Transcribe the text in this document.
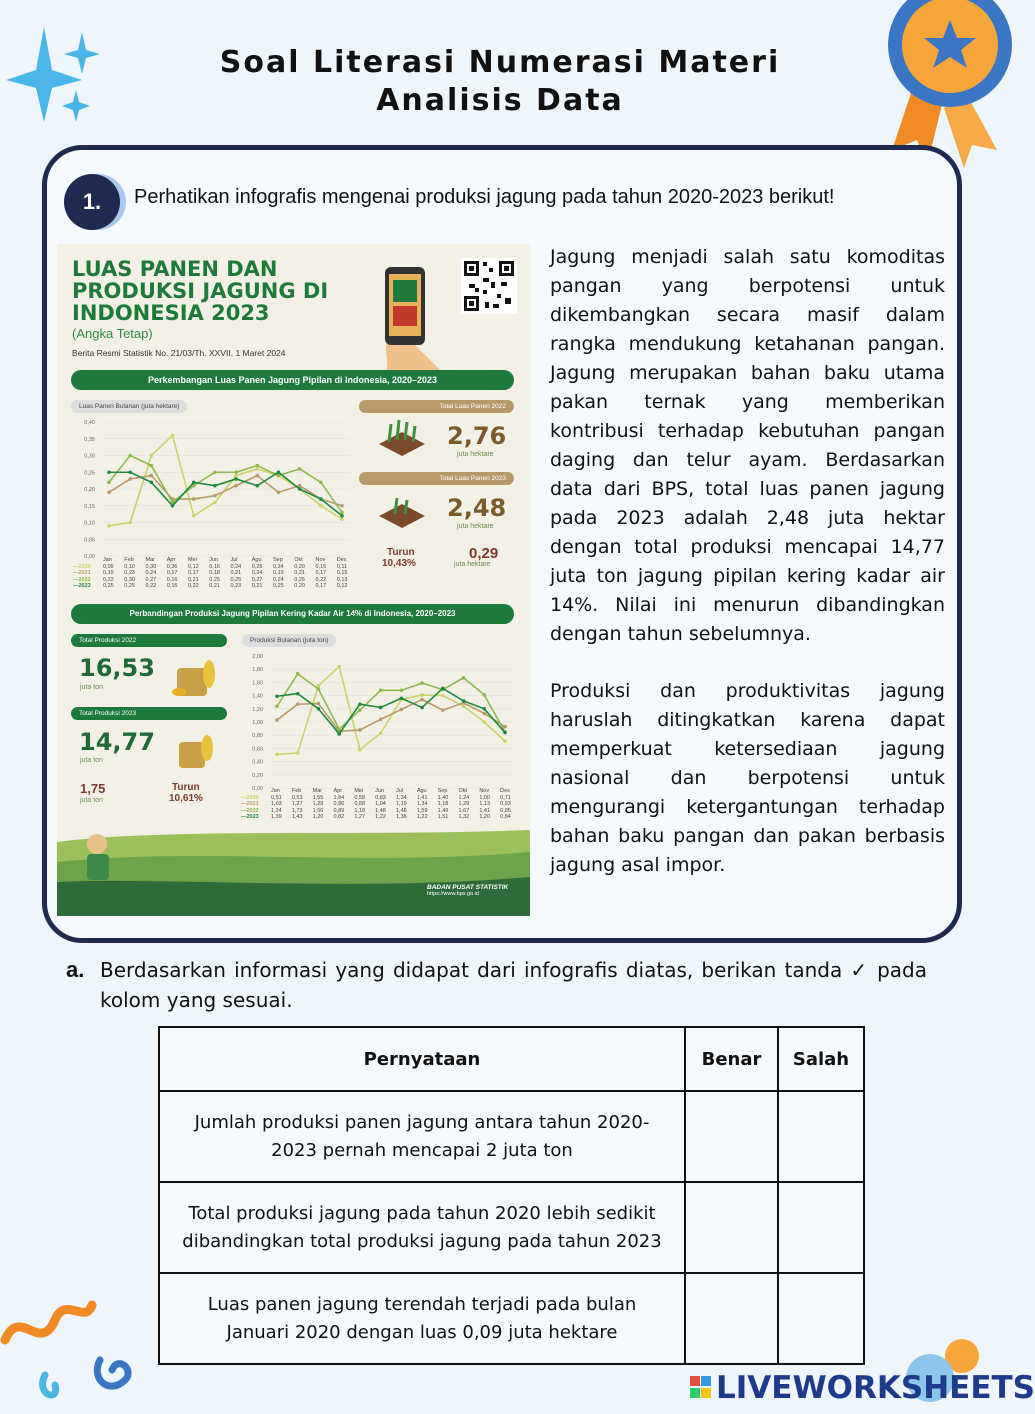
Soal Literasi Numerasi Materi
Analisis Data
1.	Perhatikan infografis mengenai produksi jagung pada tahun 2020-2023 berikut!
LUAS PANEN DAN PRODUKSI JAGUNG DI INDONESIA 2023
(Angka Tetap)
Berita Resmi Statistik No. 21/03/Th. XXVII, 1 Maret 2024
Perkembangan Luas Panen Jagung Pipilan di Indonesia, 2020–2023
Luas Panen Bulanan (juta hektare)
0,40
0,35
0,30
0,25
0,20
0,15
0,10
0,05
0,00 Jan Feb Mar Apr Mei Jun Jul	Agu Sep Okt Nov Des
—2020 0,09 0,10 0,30 0,36 0,12 0,16 0,24 0,26 0,24 0,20 0,15 0,11
—2021 0,19 0,23 0,24 0,17 0,17 0,18 0,21 0,24 0,19 0,21 0,17 0,15
—2022 0,22 0,30 0,27 0,16 0,21 0,25 0,25 0,27 0,24 0,26 0,22 0,13
—2023 0,25 0,25 0,22 0,15 0,22 0,21 0,23 0,21 0,25 0,20 0,17 0,12
Total Luas Panen 2022
2,76
juta hektare
Total Luas Panen 2023
2,48
juta hektare
Turun
10,43%
0,29
juta hektare
Perbandingan Produksi Jagung Pipilan Kering Kadar Air 14% di Indonesia, 2020–2023
Total Produksi 2022
16,53
juta ton
Total Produksi 2023
14,77
juta ton
1,75
juta ton
Turun
10,61%
Produksi Bulanan (juta ton)
2,00
1,80
1,60
1,40
1,20
1,00
0,80
0,60
0,40
0,20
0,00 Jan Feb Mar Apr Mei Jun Jul	Agu Sep Okt Nov Des
—2020 0,51 0,53 1,55 1,84 0,58 0,83 1,34 1,41 1,40 1,24 1,00 0,71
—2021 1,03 1,27 1,28 0,86 0,88 1,04 1,19 1,34 1,18 1,29 1,13 0,93
—2022 1,24 1,73 1,50 0,89 1,18 1,48 1,48 1,59 1,49 1,67 1,41 0,85
—2023 1,39 1,43 1,20 0,82 1,27 1,22 1,36 1,22 1,51 1,32 1,20 0,84
BADAN PUSAT STATISTIK
https://www.bps.go.id
Jagung menjadi salah satu komoditas pangan yang berpotensi untuk dikembangkan secara masif dalam rangka mendukung ketahanan pangan. Jagung merupakan bahan baku utama pakan ternak yang memberikan kontribusi terhadap kebutuhan pangan daging dan telur ayam. Berdasarkan data dari BPS, total luas panen jagung pada 2023 adalah 2,48 juta hektar dengan total produksi mencapai 14,77 juta ton jagung pipilan kering kadar air 14%. Nilai ini menurun dibandingkan dengan tahun sebelumnya.
Produksi dan produktivitas jagung haruslah ditingkatkan karena dapat memperkuat ketersediaan jagung nasional dan berpotensi untuk mengurangi ketergantungan terhadap bahan baku pangan dan pakan berbasis jagung asal impor.
a. Berdasarkan informasi yang didapat dari infografis diatas, berikan tanda ✓ pada kolom yang sesuai.
Pernyataan	Benar	Salah
Jumlah produksi panen jagung antara tahun 2020-2023 pernah mencapai 2 juta ton		
Total produksi jagung pada tahun 2020 lebih sedikit dibandingkan total produksi jagung pada tahun 2023		
Luas panen jagung terendah terjadi pada bulan Januari 2020 dengan luas 0,09 juta hektare		
LIVEWORKSHEETS
